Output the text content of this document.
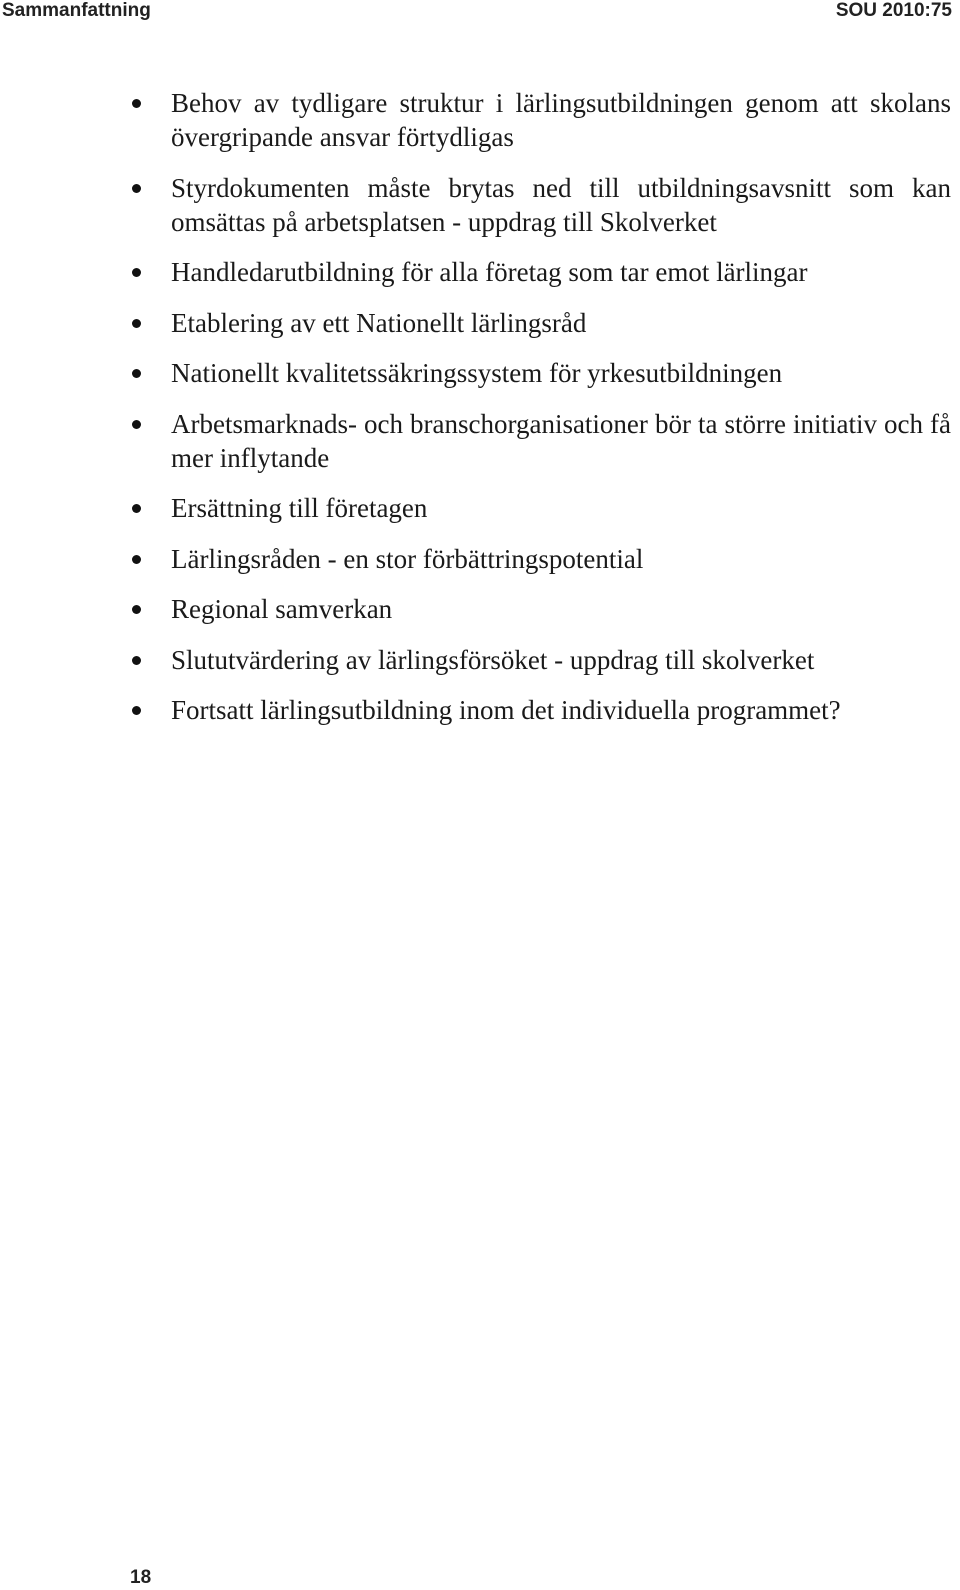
Sammanfattning	SOU 2010:75
Behov av tydligare struktur i lärlingsutbildningen genom att skolans övergripande ansvar förtydligas
Styrdokumenten måste brytas ned till utbildningsavsnitt som kan omsättas på arbetsplatsen - uppdrag till Skolverket
Handledarutbildning för alla företag som tar emot lärlingar
Etablering av ett Nationellt lärlingsråd
Nationellt kvalitetssäkringssystem för yrkesutbildningen
Arbetsmarknads- och branschorganisationer bör ta större initiativ och få mer inflytande
Ersättning till företagen
Lärlingsråden - en stor förbättringspotential
Regional samverkan
Slututvärdering av lärlingsförsöket - uppdrag till skolverket
Fortsatt lärlingsutbildning inom det individuella programmet?
18
